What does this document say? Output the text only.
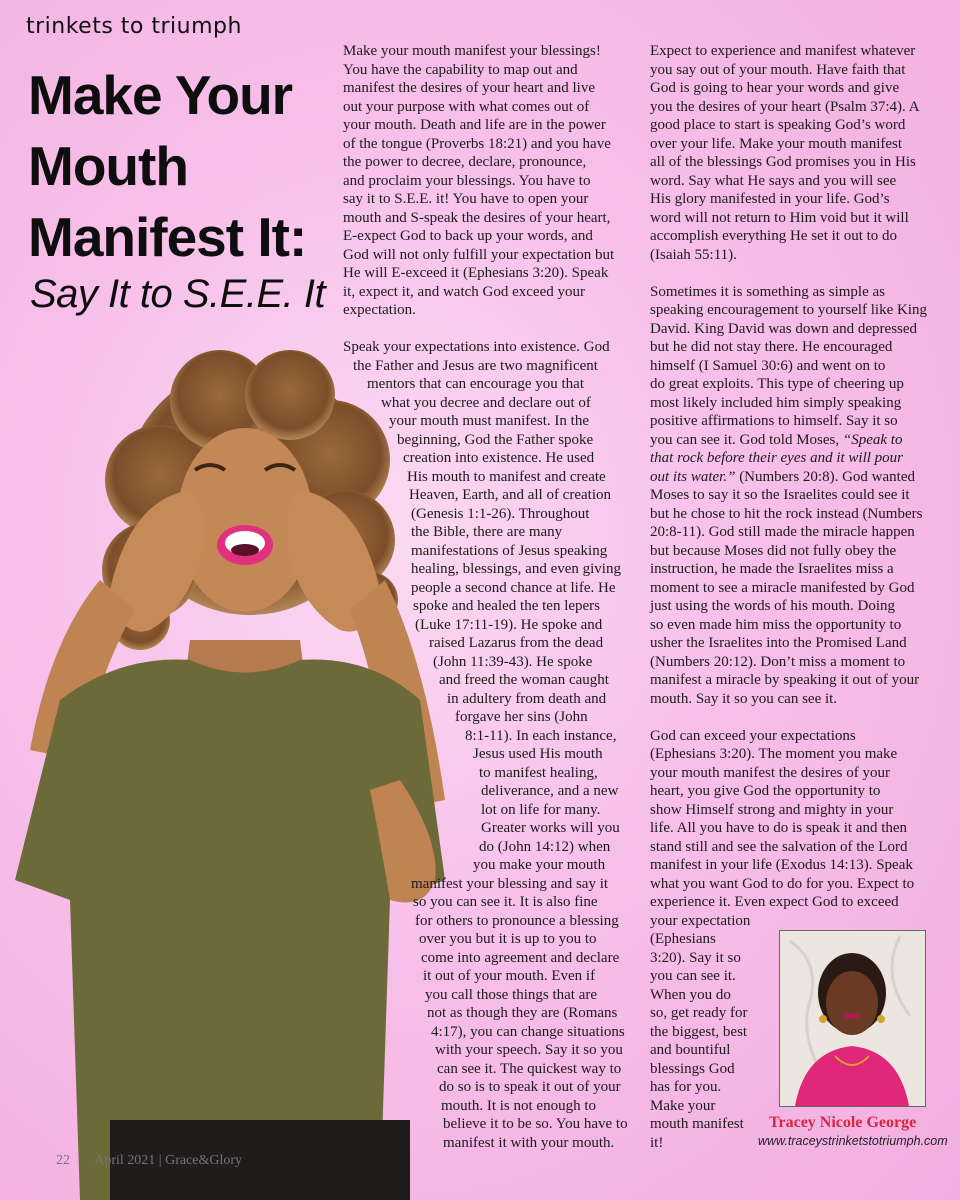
trinkets to triumph
Make Your
Mouth
Manifest It:
Say It to S.E.E. It

Make your mouth manifest your blessings!
You have the capability to map out and
manifest the desires of your heart and live
out your purpose with what comes out of
your mouth. Death and life are in the power
of the tongue (Proverbs 18:21) and you have
the power to decree, declare, pronounce,
and proclaim your blessings. You have to
say it to S.E.E. it! You have to open your
mouth and S-speak the desires of your heart,
E-expect God to back up your words, and
God will not only fulfill your expectation but
He will E-exceed it (Ephesians 3:20). Speak
it, expect it, and watch God exceed your
expectation.

Speak your expectations into existence. God
the Father and Jesus are two magnificent
mentors that can encourage you that
what you decree and declare out of
your mouth must manifest. In the
beginning, God the Father spoke
creation into existence. He used
His mouth to manifest and create
Heaven, Earth, and all of creation
(Genesis 1:1-26). Throughout
the Bible, there are many
manifestations of Jesus speaking
healing, blessings, and even giving
people a second chance at life. He
spoke and healed the ten lepers
(Luke 17:11-19). He spoke and
raised Lazarus from the dead
(John 11:39-43). He spoke
and freed the woman caught
in adultery from death and
forgave her sins (John
8:1-11). In each instance,
Jesus used His mouth
to manifest healing,
deliverance, and a new
lot on life for many.
Greater works will you
do (John 14:12) when
you make your mouth
manifest your blessing and say it
so you can see it. It is also fine
for others to pronounce a blessing
over you but it is up to you to
come into agreement and declare
it out of your mouth. Even if
you call those things that are
not as though they are (Romans
4:17), you can change situations
with your speech. Say it so you
can see it. The quickest way to
do so is to speak it out of your
mouth. It is not enough to
believe it to be so. You have to
manifest it with your mouth.

Expect to experience and manifest whatever
you say out of your mouth. Have faith that
God is going to hear your words and give
you the desires of your heart (Psalm 37:4). A
good place to start is speaking God’s word
over your life. Make your mouth manifest
all of the blessings God promises you in His
word. Say what He says and you will see
His glory manifested in your life. God’s
word will not return to Him void but it will
accomplish everything He set it out to do
(Isaiah 55:11).

Sometimes it is something as simple as
speaking encouragement to yourself like King
David. King David was down and depressed
but he did not stay there. He encouraged
himself (I Samuel 30:6) and went on to
do great exploits. This type of cheering up
most likely included him simply speaking
positive affirmations to himself. Say it so
you can see it. God told Moses, “Speak to
that rock before their eyes and it will pour
out its water.” (Numbers 20:8). God wanted
Moses to say it so the Israelites could see it
but he chose to hit the rock instead (Numbers
20:8-11). God still made the miracle happen
but because Moses did not fully obey the
instruction, he made the Israelites miss a
moment to see a miracle manifested by God
just using the words of his mouth. Doing
so even made him miss the opportunity to
usher the Israelites into the Promised Land
(Numbers 20:12). Don’t miss a moment to
manifest a miracle by speaking it out of your
mouth. Say it so you can see it.

God can exceed your expectations
(Ephesians 3:20). The moment you make
your mouth manifest the desires of your
heart, you give God the opportunity to
show Himself strong and mighty in your
life. All you have to do is speak it and then
stand still and see the salvation of the Lord
manifest in your life (Exodus 14:13). Speak
what you want God to do for you. Expect to
experience it. Even expect God to exceed
your expectation
(Ephesians
3:20). Say it so
you can see it.
When you do
so, get ready for
the biggest, best
and bountiful
blessings God
has for you.
Make your
mouth manifest
it!

Tracey Nicole George
www.traceystrinketstotriumph.com
22 April 2021 | Grace&Glory
